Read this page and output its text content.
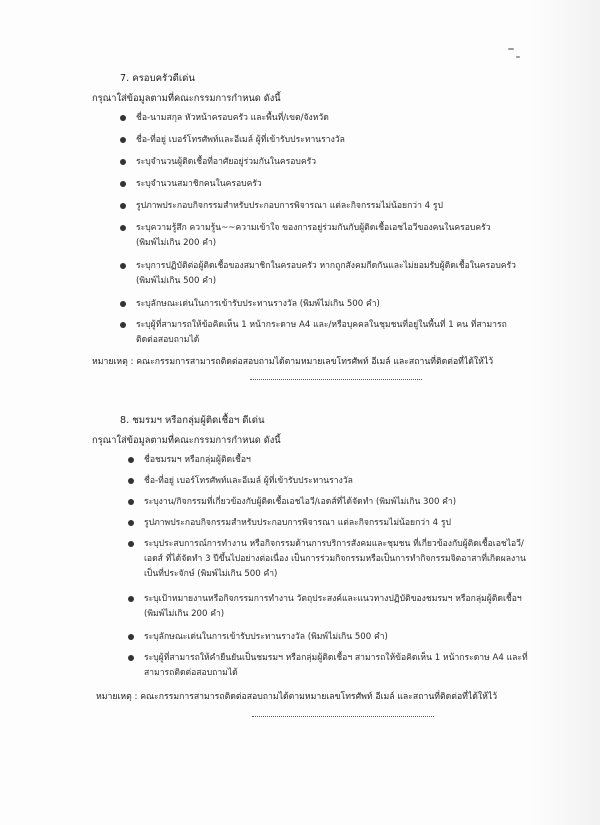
7. ครอบครัวดีเด่น
กรุณาใส่ข้อมูลตามที่คณะกรรมการกำหนด ดังนี้
ชื่อ-นามสกุล หัวหน้าครอบครัว และพื้นที่/เขต/จังหวัด
ชื่อ-ที่อยู่ เบอร์โทรศัพท์และอีเมล์ ผู้ที่เข้ารับประทานรางวัล
ระบุจำนวนผู้ติดเชื้อที่อาศัยอยู่ร่วมกันในครอบครัว
ระบุจำนวนสมาชิกคนในครอบครัว
รูปภาพประกอบกิจกรรมสำหรับประกอบการพิจารณา แต่ละกิจกรรมไม่น้อยกว่า 4 รูป
ระบุความรู้สึก ความรู้น~~ความเข้าใจ ของการอยู่ร่วมกันกับผู้ติดเชื้อเอชไอวีของคนในครอบครัว
(พิมพ์ไม่เกิน 200 คำ)
ระบุการปฏิบัติต่อผู้ติดเชื้อของสมาชิกในครอบครัว หากถูกสังคมกีดกันและไม่ยอมรับผู้ติดเชื้อในครอบครัว
(พิมพ์ไม่เกิน 500 คำ)
ระบุลักษณะเด่นในการเข้ารับประทานรางวัล (พิมพ์ไม่เกิน 500 คำ)
ระบุผู้ที่สามารถให้ข้อคิดเห็น 1 หน้ากระดาษ A4 และ/หรือบุคคลในชุมชนที่อยู่ในพื้นที่ 1 คน ที่สามารถ
ติดต่อสอบถามได้
หมายเหตุ : คณะกรรมการสามารถติดต่อสอบถามได้ตามหมายเลขโทรศัพท์ อีเมล์ และสถานที่ติดต่อที่ได้ให้ไว้
8. ชมรมฯ หรือกลุ่มผู้ติดเชื้อฯ ดีเด่น
กรุณาใส่ข้อมูลตามที่คณะกรรมการกำหนด ดังนี้
ชื่อชมรมฯ หรือกลุ่มผู้ติดเชื้อฯ
ชื่อ-ที่อยู่ เบอร์โทรศัพท์และอีเมล์ ผู้ที่เข้ารับประทานรางวัล
ระบุงาน/กิจกรรมที่เกี่ยวข้องกับผู้ติดเชื้อเอชไอวี/เอดส์ที่ได้จัดทำ (พิมพ์ไม่เกิน 300 คำ)
รูปภาพประกอบกิจกรรมสำหรับประกอบการพิจารณา แต่ละกิจกรรมไม่น้อยกว่า 4 รูป
ระบุประสบการณ์การทำงาน หรือกิจกรรมด้านการบริการสังคมและชุมชน ที่เกี่ยวข้องกับผู้ติดเชื้อเอชไอวี/
เอดส์ ที่ได้จัดทำ 3 ปีขึ้นไปอย่างต่อเนื่อง เป็นการร่วมกิจกรรมหรือเป็นการทำกิจกรรมจิตอาสาที่เกิดผลงาน
เป็นที่ประจักษ์ (พิมพ์ไม่เกิน 500 คำ)
ระบุเป้าหมายงานหรือกิจกรรมการทำงาน วัตถุประสงค์และแนวทางปฏิบัติของชมรมฯ หรือกลุ่มผู้ติดเชื้อฯ
(พิมพ์ไม่เกิน 200 คำ)
ระบุลักษณะเด่นในการเข้ารับประทานรางวัล (พิมพ์ไม่เกิน 500 คำ)
ระบุผู้ที่สามารถให้คำยืนยันเป็นชมรมฯ หรือกลุ่มผู้ติดเชื้อฯ สามารถให้ข้อคิดเห็น 1 หน้ากระดาษ A4 และที่
สามารถติดต่อสอบถามได้
หมายเหตุ : คณะกรรมการสามารถติดต่อสอบถามได้ตามหมายเลขโทรศัพท์ อีเมล์ และสถานที่ติดต่อที่ได้ให้ไว้
